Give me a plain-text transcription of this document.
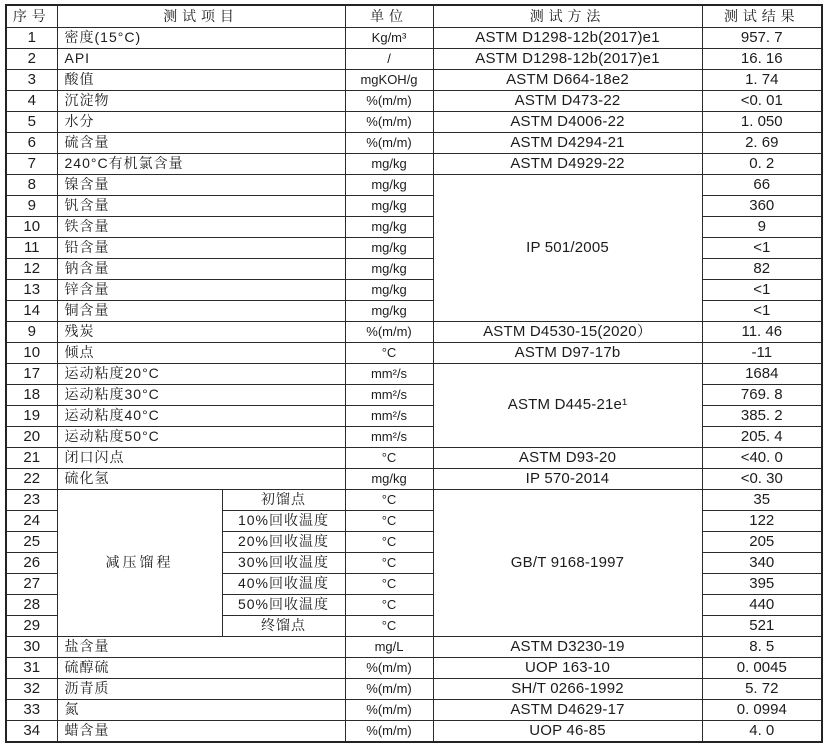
序号	测试项目		单位	测试方法	测试结果
1	密度(15°C)		Kg/m³	ASTM D1298-12b(2017)e1	957. 7
2	API		/	ASTM D1298-12b(2017)e1	16. 16
3	酸值		mgKOH/g	ASTM D664-18e2	1. 74
4	沉淀物		%(m/m)	ASTM D473-22	<0. 01
5	水分		%(m/m)	ASTM D4006-22	1. 050
6	硫含量		%(m/m)	ASTM D4294-21	2. 69
7	240°C有机氯含量		mg/kg	ASTM D4929-22	0. 2
8	镍含量		mg/kg	IP 501/2005	66
9	钒含量		mg/kg		360
10	铁含量		mg/kg		9
11	铅含量		mg/kg		<1
12	钠含量		mg/kg		82
13	锌含量		mg/kg		<1
14	铜含量		mg/kg		<1
9	残炭		%(m/m)	ASTM D4530-15(2020）	11. 46
10	倾点		°C	ASTM D97-17b	-11
17	运动粘度20°C		mm²/s	ASTM D445-21e¹	1684
18	运动粘度30°C		mm²/s		769. 8
19	运动粘度40°C		mm²/s		385. 2
20	运动粘度50°C		mm²/s		205. 4
21	闭口闪点		°C	ASTM D93-20	<40. 0
22	硫化氢		mg/kg	IP 570-2014	<0. 30
23	减压馏程	初馏点	°C	GB/T 9168-1997	35
24		10%回收温度	°C		122
25		20%回收温度	°C		205
26		30%回收温度	°C		340
27		40%回收温度	°C		395
28		50%回收温度	°C		440
29		终馏点	°C		521
30	盐含量		mg/L	ASTM D3230-19	8. 5
31	硫醇硫		%(m/m)	UOP 163-10	0. 0045
32	沥青质		%(m/m)	SH/T 0266-1992	5. 72
33	氮		%(m/m)	ASTM D4629-17	0. 0994
34	蜡含量		%(m/m)	UOP 46-85	4. 0
